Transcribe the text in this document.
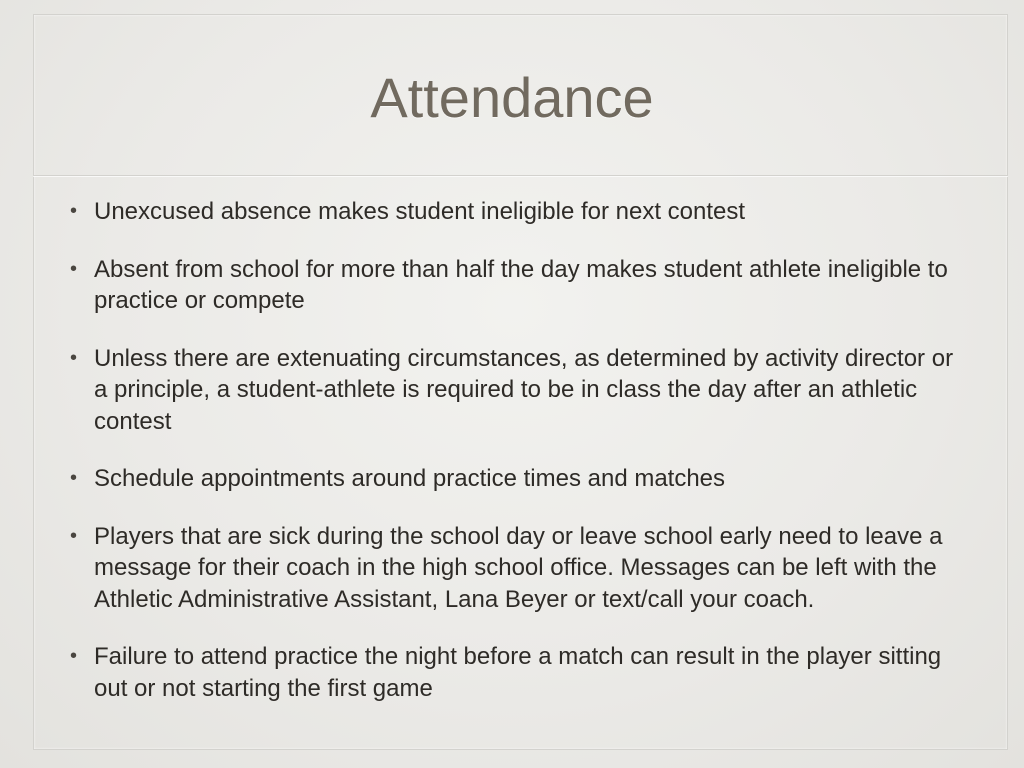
Attendance
• Unexcused absence makes student ineligible for next contest
• Absent from school for more than half the day makes student athlete ineligible to practice or compete
• Unless there are extenuating circumstances, as determined by activity director or a principle, a student-athlete is required to be in class the day after an athletic contest
• Schedule appointments around practice times and matches
• Players that are sick during the school day or leave school early need to leave a message for their coach in the high school office. Messages can be left with the Athletic Administrative Assistant, Lana Beyer or text/call your coach.
• Failure to attend practice the night before a match can result in the player sitting out or not starting the first game
